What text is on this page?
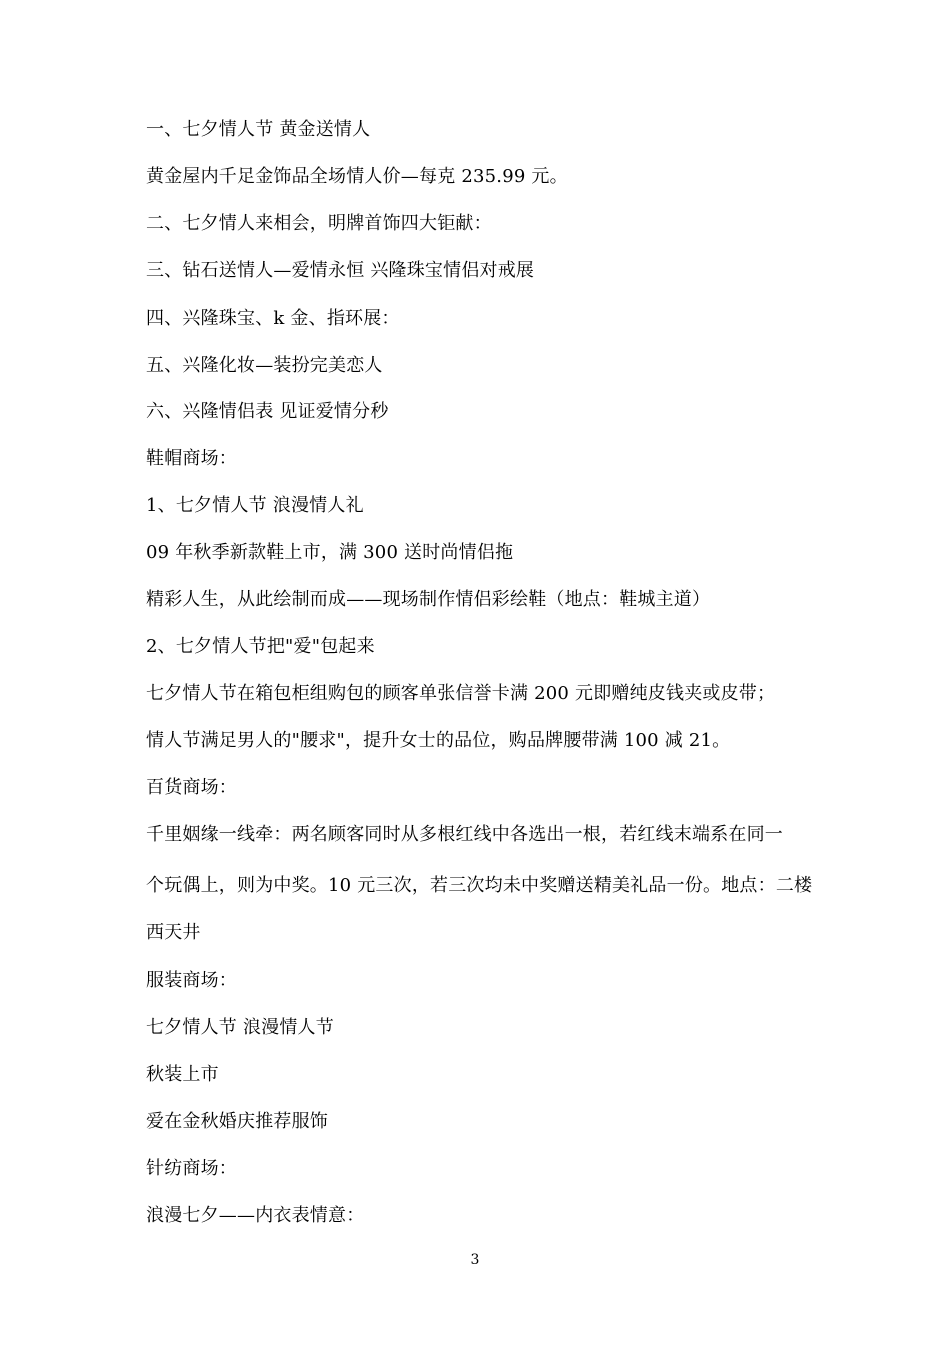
一、七夕情人节 黄金送情人
黄金屋内千足金饰品全场情人价—每克 235.99 元。
二、七夕情人来相会，明牌首饰四大钜献：
三、钻石送情人—爱情永恒 兴隆珠宝情侣对戒展
四、兴隆珠宝、k 金、指环展：
五、兴隆化妆—装扮完美恋人
六、兴隆情侣表 见证爱情分秒
鞋帽商场：
1、七夕情人节 浪漫情人礼
09 年秋季新款鞋上市，满 300 送时尚情侣拖
精彩人生，从此绘制而成——现场制作情侣彩绘鞋（地点：鞋城主道）
2、七夕情人节把"爱"包起来
七夕情人节在箱包柜组购包的顾客单张信誉卡满 200 元即赠纯皮钱夹或皮带；
情人节满足男人的"腰求"，提升女士的品位，购品牌腰带满 100 减 21。
百货商场：
千里姻缘一线牵：两名顾客同时从多根红线中各选出一根，若红线末端系在同一
个玩偶上，则为中奖。10 元三次，若三次均未中奖赠送精美礼品一份。地点：二楼
西天井
服装商场：
七夕情人节 浪漫情人节
秋装上市
爱在金秋婚庆推荐服饰
针纺商场：
浪漫七夕——内衣表情意：
3
